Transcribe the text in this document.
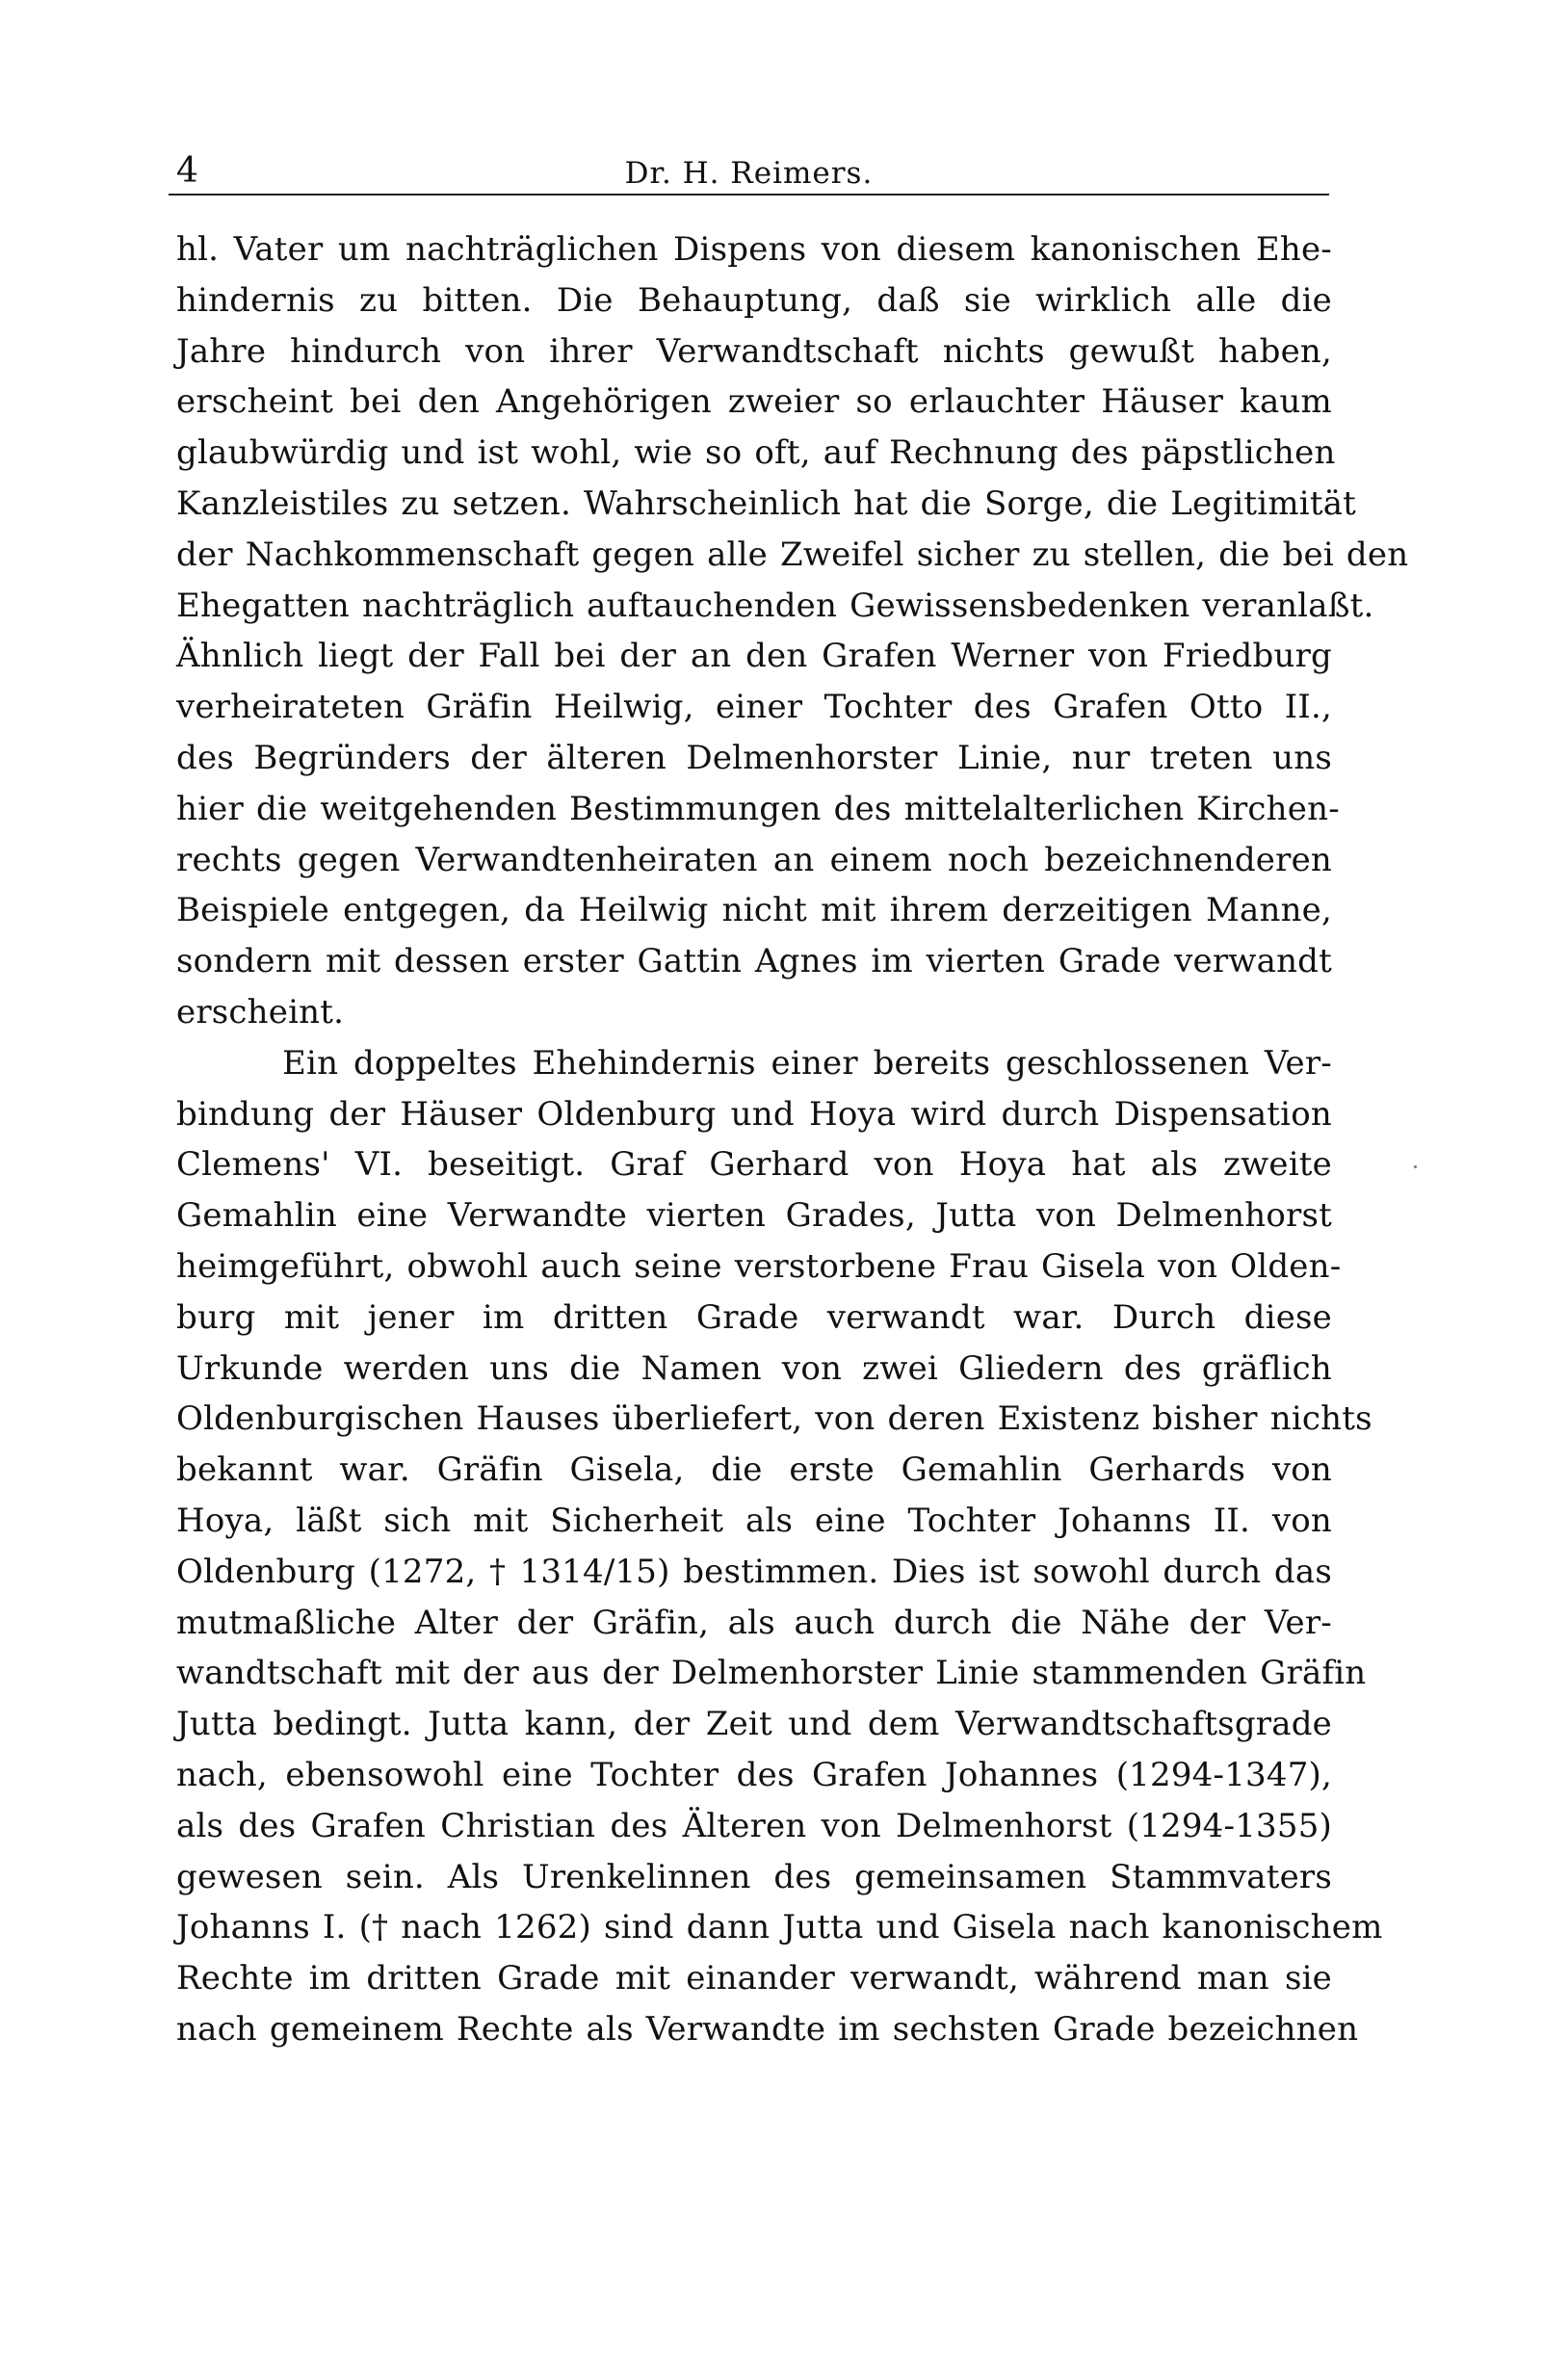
4	Dr. H. Reimers.
hl. Vater um nachträglichen Dispens von diesem kanonischen Ehe-
hindernis zu bitten. Die Behauptung, daß sie wirklich alle die
Jahre hindurch von ihrer Verwandtschaft nichts gewußt haben,
erscheint bei den Angehörigen zweier so erlauchter Häuser kaum
glaubwürdig und ist wohl, wie so oft, auf Rechnung des päpstlichen
Kanzleistiles zu setzen. Wahrscheinlich hat die Sorge, die Legitimität
der Nachkommenschaft gegen alle Zweifel sicher zu stellen, die bei den
Ehegatten nachträglich auftauchenden Gewissensbedenken veranlaßt.
Ähnlich liegt der Fall bei der an den Grafen Werner von Friedburg
verheirateten Gräfin Heilwig, einer Tochter des Grafen Otto II.,
des Begründers der älteren Delmenhorster Linie, nur treten uns
hier die weitgehenden Bestimmungen des mittelalterlichen Kirchen-
rechts gegen Verwandtenheiraten an einem noch bezeichnenderen
Beispiele entgegen, da Heilwig nicht mit ihrem derzeitigen Manne,
sondern mit dessen erster Gattin Agnes im vierten Grade verwandt
erscheint.
Ein doppeltes Ehehindernis einer bereits geschlossenen Ver-
bindung der Häuser Oldenburg und Hoya wird durch Dispensation
Clemens' VI. beseitigt. Graf Gerhard von Hoya hat als zweite
Gemahlin eine Verwandte vierten Grades, Jutta von Delmenhorst
heimgeführt, obwohl auch seine verstorbene Frau Gisela von Olden-
burg mit jener im dritten Grade verwandt war. Durch diese
Urkunde werden uns die Namen von zwei Gliedern des gräflich
Oldenburgischen Hauses überliefert, von deren Existenz bisher nichts
bekannt war. Gräfin Gisela, die erste Gemahlin Gerhards von
Hoya, läßt sich mit Sicherheit als eine Tochter Johanns II. von
Oldenburg (1272, † 1314/15) bestimmen. Dies ist sowohl durch das
mutmaßliche Alter der Gräfin, als auch durch die Nähe der Ver-
wandtschaft mit der aus der Delmenhorster Linie stammenden Gräfin
Jutta bedingt. Jutta kann, der Zeit und dem Verwandtschaftsgrade
nach, ebensowohl eine Tochter des Grafen Johannes (1294-1347),
als des Grafen Christian des Älteren von Delmenhorst (1294-1355)
gewesen sein. Als Urenkelinnen des gemeinsamen Stammvaters
Johanns I. († nach 1262) sind dann Jutta und Gisela nach kanonischem
Rechte im dritten Grade mit einander verwandt, während man sie
nach gemeinem Rechte als Verwandte im sechsten Grade bezeichnen
